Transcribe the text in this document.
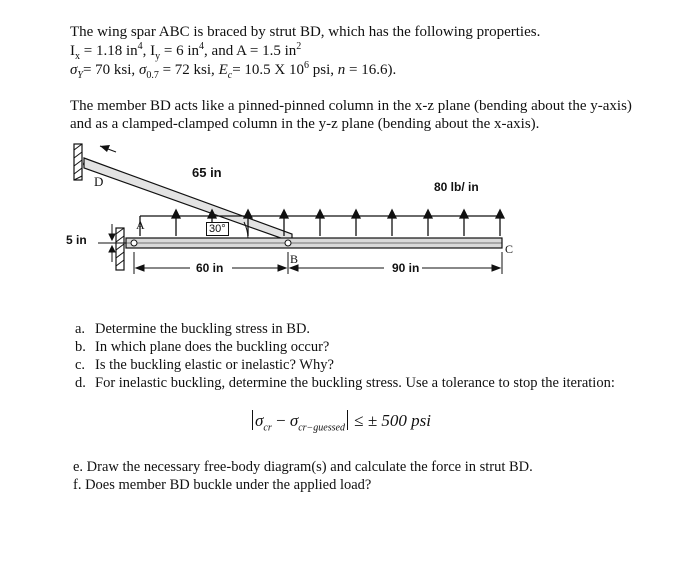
The wing spar ABC is braced by strut BD, which has the following properties.
$I_x = 1.18$ $in^4$, $I_y = 6$ $in^4$, and A = 1.5 $in^2$
$\sigma_Y= 70$ ksi, $\sigma_{0.7} = 72$ ksi, $E_c= 10.5$ X $10^6$ psi, n = 16.6).
The member BD acts like a pinned-pinned column in the x-z plane (bending about the y-axis)
and as a clamped-clamped column in the y-z plane (bending about the x-axis).
D
A
B
C
65 in
30°
80 lb/ in
5 in
60 in	90 in
a. Determine the buckling stress in BD.
b. In which plane does the buckling occur?
c. Is the buckling elastic or inelastic? Why?
d. For inelastic buckling, determine the buckling stress. Use a tolerance to stop the iteration:
$\sigma_{cr} - \sigma_{cr-guessed}$ ≤ ± 500 psi
e. Draw the necessary free-body diagram(s) and calculate the force in strut BD.
f. Does member BD buckle under the applied load?
